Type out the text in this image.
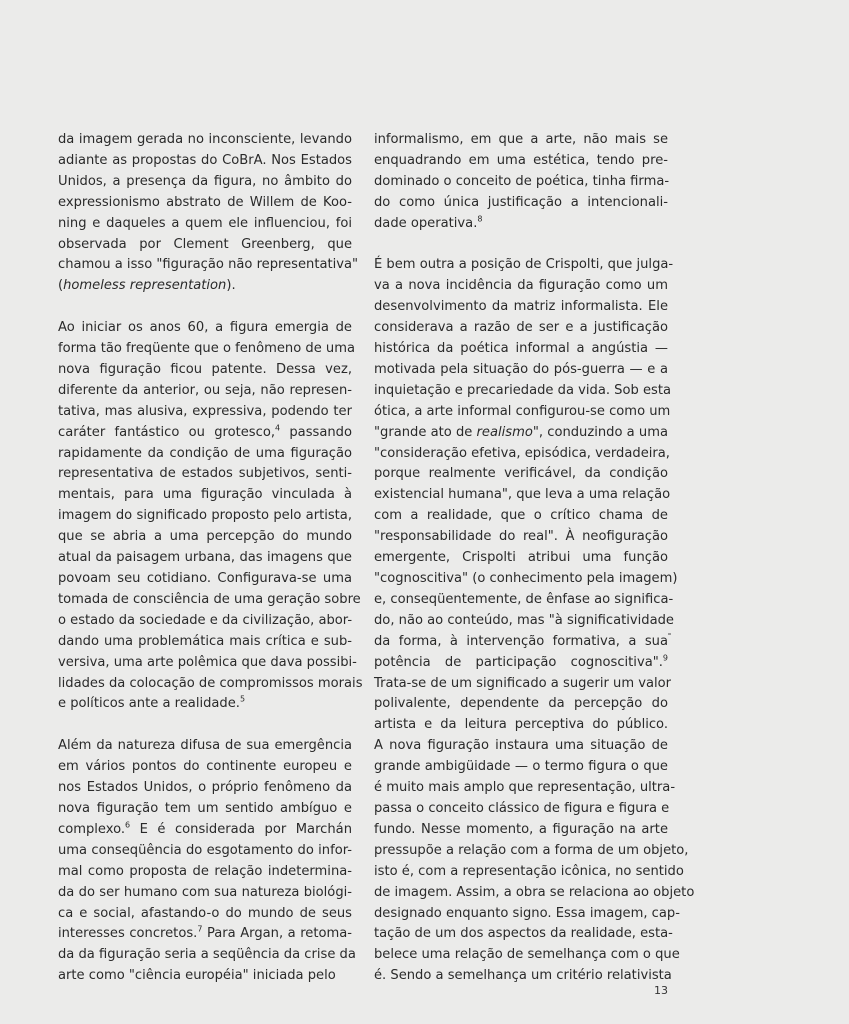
da imagem gerada no inconsciente, levando
adiante as propostas do CoBrA. Nos Estados
Unidos, a presença da figura, no âmbito do
expressionismo abstrato de Willem de Koo-
ning e daqueles a quem ele influenciou, foi
observada por Clement Greenberg, que
chamou a isso "figuração não representativa"
(homeless representation).
Ao iniciar os anos 60, a figura emergia de
forma tão freqüente que o fenômeno de uma
nova figuração ficou patente. Dessa vez,
diferente da anterior, ou seja, não represen-
tativa, mas alusiva, expressiva, podendo ter
caráter fantástico ou grotesco,$^4$ passando
rapidamente da condição de uma figuração
representativa de estados subjetivos, senti-
mentais, para uma figuração vinculada à
imagem do significado proposto pelo artista,
que se abria a uma percepção do mundo
atual da paisagem urbana, das imagens que
povoam seu cotidiano. Configurava-se uma
tomada de consciência de uma geração sobre
o estado da sociedade e da civilização, abor-
dando uma problemática mais crítica e sub-
versiva, uma arte polêmica que dava possibi-
lidades da colocação de compromissos morais
e políticos ante a realidade.$^5$
Além da natureza difusa de sua emergência
em vários pontos do continente europeu e
nos Estados Unidos, o próprio fenômeno da
nova figuração tem um sentido ambíguo e
complexo.$^6$ E é considerada por Marchán
uma conseqüência do esgotamento do infor-
mal como proposta de relação indetermina-
da do ser humano com sua natureza biológi-
ca e social, afastando-o do mundo de seus
interesses concretos.$^7$ Para Argan, a retoma-
da da figuração seria a seqüência da crise da
arte como "ciência européia" iniciada pelo
informalismo, em que a arte, não mais se
enquadrando em uma estética, tendo pre-
dominado o conceito de poética, tinha firma-
do como única justificação a intencionali-
dade operativa.$^8$
É bem outra a posição de Crispolti, que julga-
va a nova incidência da figuração como um
desenvolvimento da matriz informalista. Ele
considerava a razão de ser e a justificação
histórica da poética informal a angústia —
motivada pela situação do pós-guerra — e a
inquietação e precariedade da vida. Sob esta
ótica, a arte informal configurou-se como um
"grande ato de realismo", conduzindo a uma
"consideração efetiva, episódica, verdadeira,
porque realmente verificável, da condição
existencial humana", que leva a uma relação
com a realidade, que o crítico chama de
"responsabilidade do real". À neofiguração
emergente, Crispolti atribui uma função
"cognoscitiva" (o conhecimento pela imagem)
e, conseqüentemente, de ênfase ao significa-
do, não ao conteúdo, mas "à significatividade
da forma, à intervenção formativa, a sua
potência de participação cognoscitiva".$^9$
Trata-se de um significado a sugerir um valor
polivalente, dependente da percepção do
artista e da leitura perceptiva do público.
A nova figuração instaura uma situação de
grande ambigüidade — o termo figura o que
é muito mais amplo que representação, ultra-
passa o conceito clássico de figura e figura e
fundo. Nesse momento, a figuração na arte
pressupõe a relação com a forma de um objeto,
isto é, com a representação icônica, no sentido
de imagem. Assim, a obra se relaciona ao objeto
designado enquanto signo. Essa imagem, cap-
tação de um dos aspectos da realidade, esta-
belece uma relação de semelhança com o que
é. Sendo a semelhança um critério relativista
13
